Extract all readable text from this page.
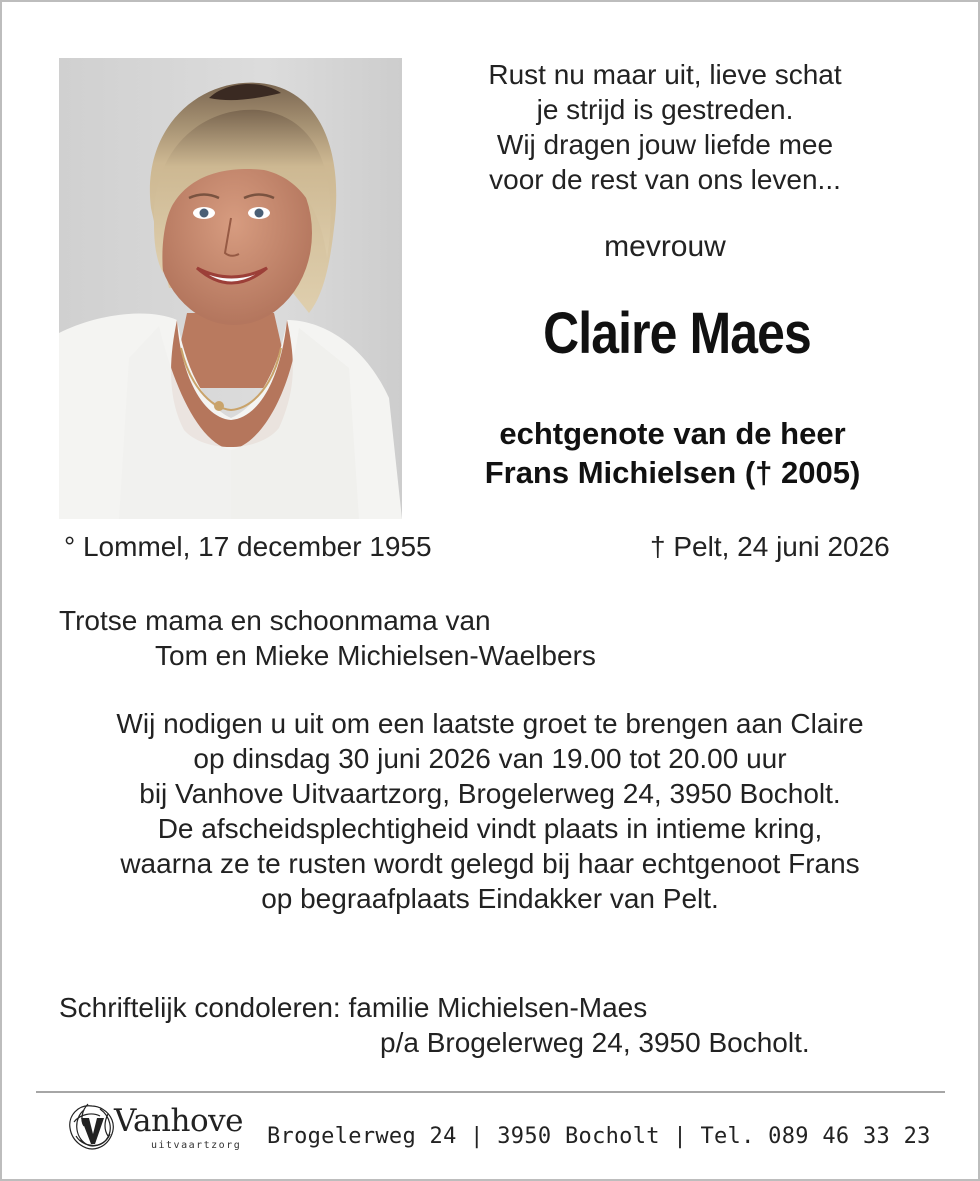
Rust nu maar uit, lieve schat
je strijd is gestreden.
Wij dragen jouw liefde mee
voor de rest van ons leven...
mevrouw
Claire Maes
echtgenote van de heer
Frans Michielsen († 2005)
° Lommel, 17 december 1955	† Pelt, 24 juni 2026
Trotse mama en schoonmama van
Tom en Mieke Michielsen-Waelbers
Wij nodigen u uit om een laatste groet te brengen aan Claire
op dinsdag 30 juni 2026 van 19.00 tot 20.00 uur
bij Vanhove Uitvaartzorg, Brogelerweg 24, 3950 Bocholt.
De afscheidsplechtigheid vindt plaats in intieme kring,
waarna ze te rusten wordt gelegd bij haar echtgenoot Frans
op begraafplaats Eindakker van Pelt.
Schriftelijk condoleren: familie Michielsen-Maes
p/a Brogelerweg 24, 3950 Bocholt.
Vanhove
uitvaartzorg Brogelerweg 24 | 3950 Bocholt | Tel. 089 46 33 23
